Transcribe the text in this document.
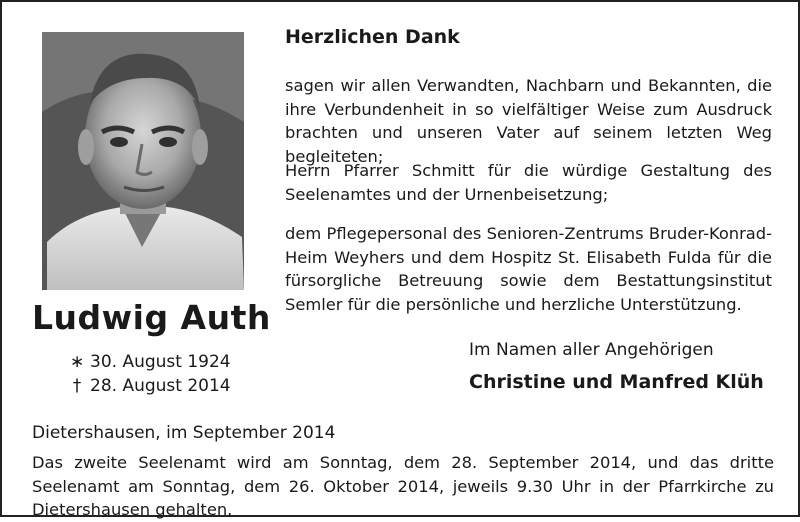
Ludwig Auth
∗ 30. August 1924
† 28. August 2014
Herzlichen Dank
sagen wir allen Verwandten, Nachbarn und Bekannten, die ihre Verbundenheit in so vielfältiger Weise zum Ausdruck brachten und unseren Vater auf seinem letzten Weg begleiteten;
Herrn Pfarrer Schmitt für die würdige Gestaltung des Seelenamtes und der Urnenbeisetzung;
dem Pflegepersonal des Senioren-Zentrums Bruder-Konrad-Heim Weyhers und dem Hospitz St. Elisabeth Fulda für die fürsorgliche Betreuung sowie dem Bestattungsinstitut Semler für die persönliche und herzliche Unterstützung.
Im Namen aller Angehörigen
Christine und Manfred Klüh
Dietershausen, im September 2014
Das zweite Seelenamt wird am Sonntag, dem 28. September 2014, und das dritte Seelenamt am Sonntag, dem 26. Oktober 2014, jeweils 9.30 Uhr in der Pfarrkirche zu Dietershausen gehalten.
